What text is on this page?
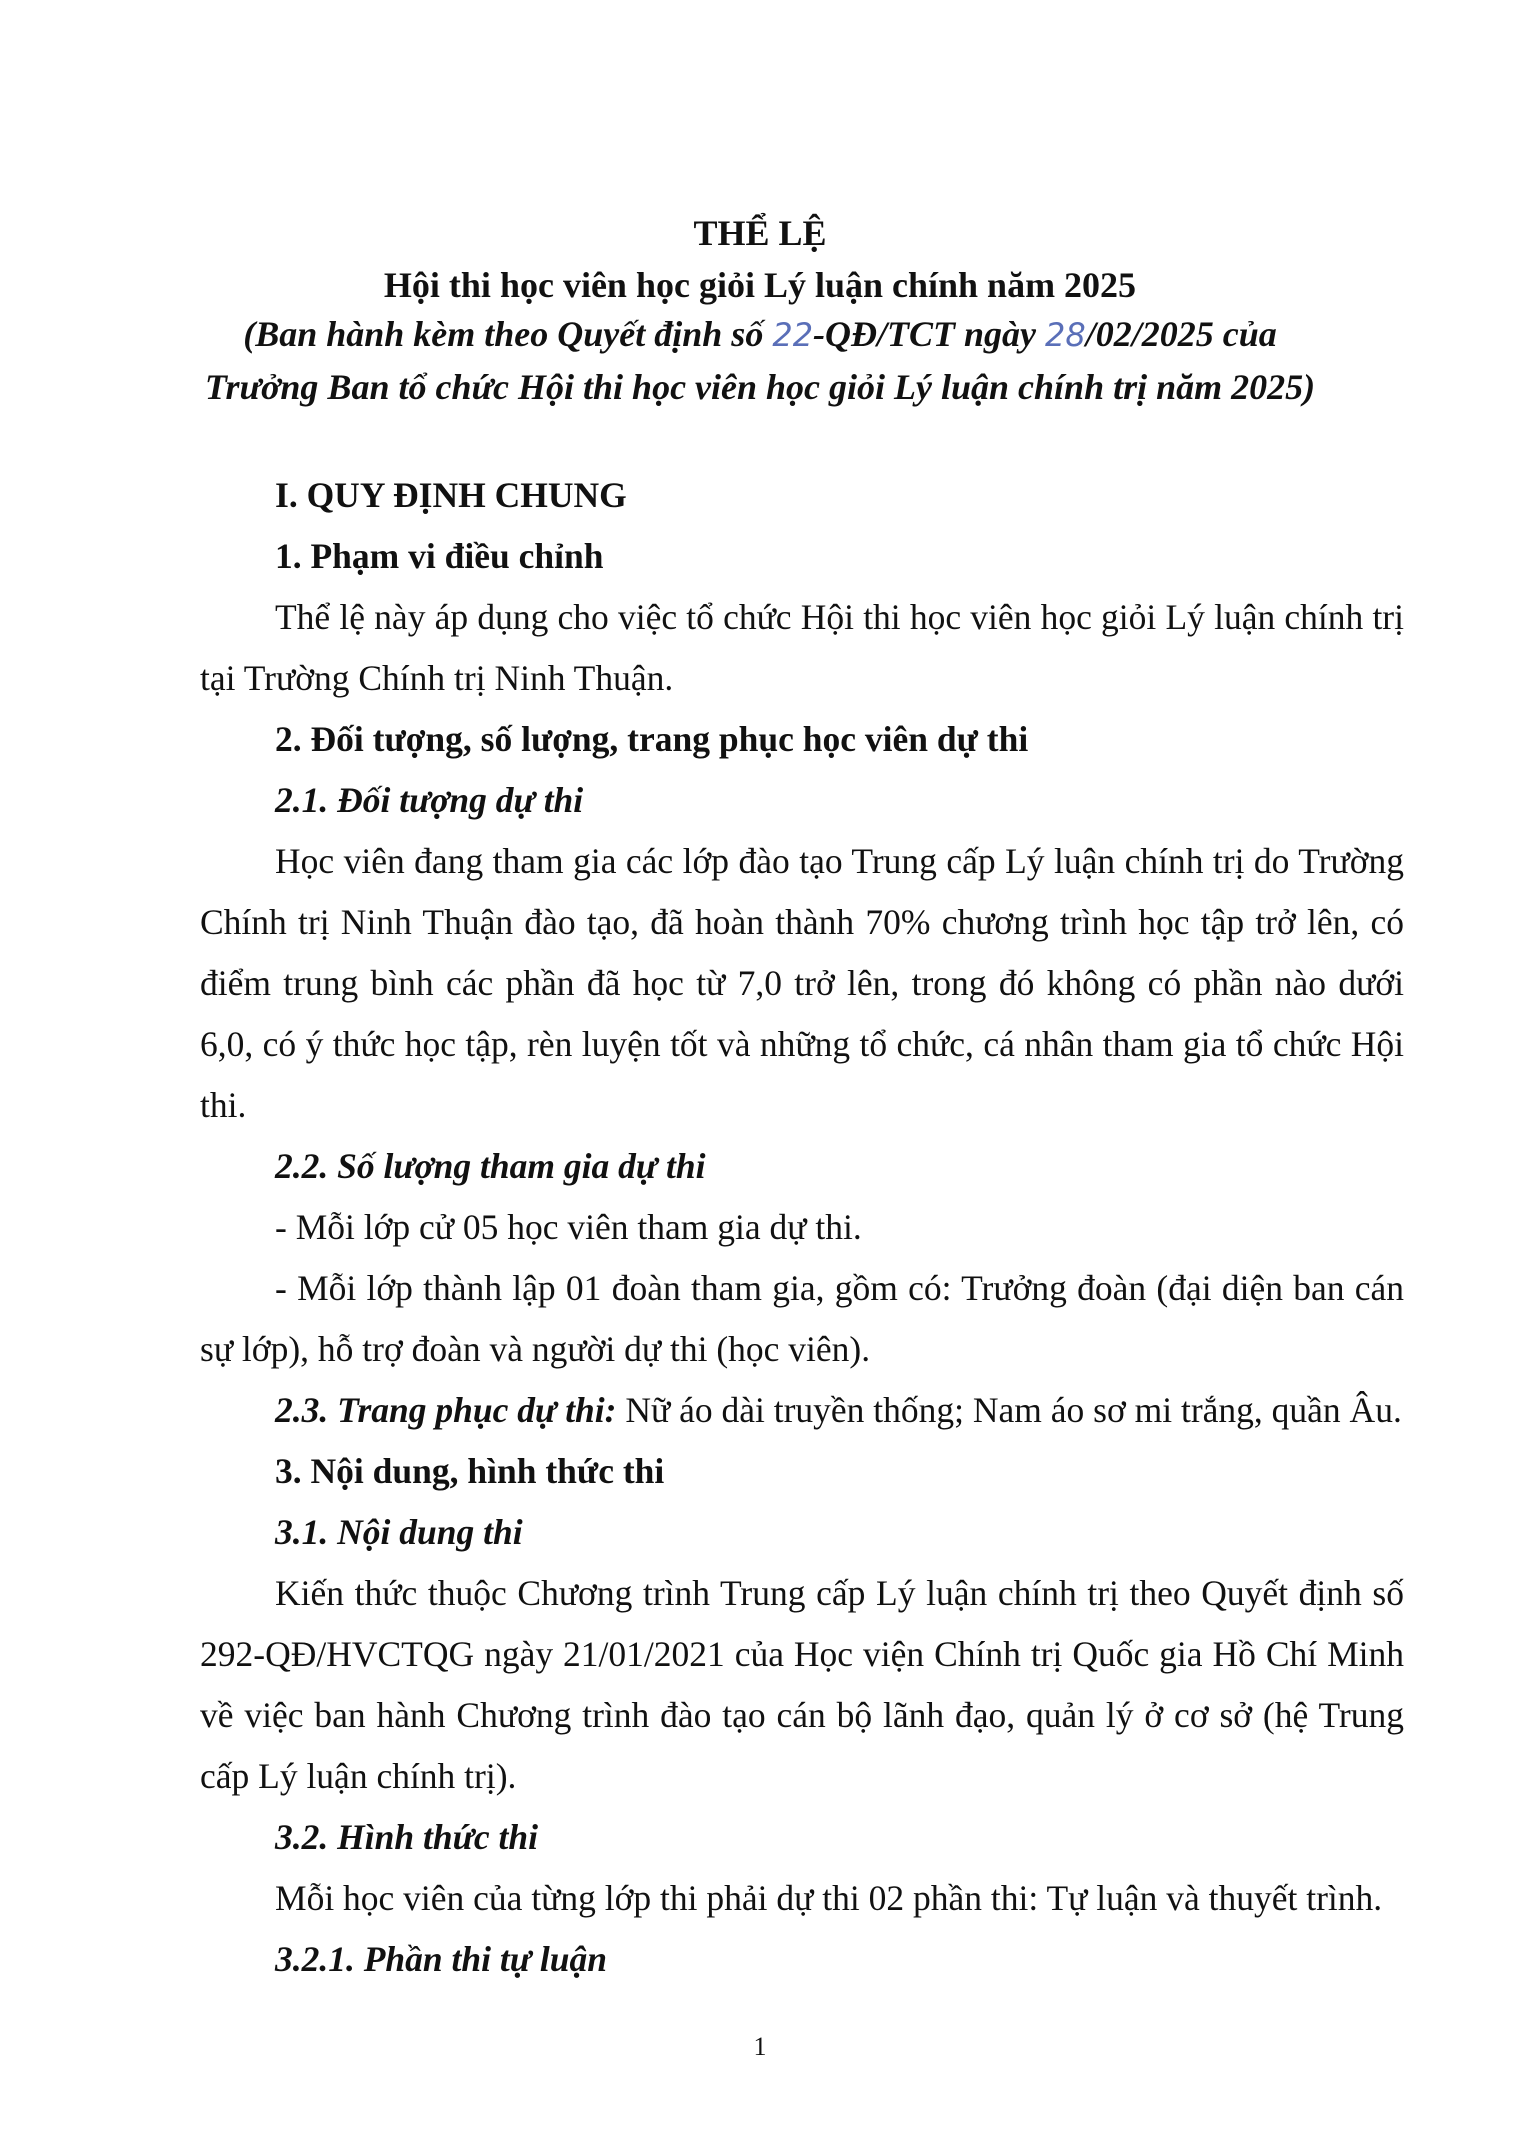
THỂ LỆ
Hội thi học viên học giỏi Lý luận chính năm 2025
(Ban hành kèm theo Quyết định số 22-QĐ/TCT ngày 28/02/2025 của
Trưởng Ban tổ chức Hội thi học viên học giỏi Lý luận chính trị năm 2025)

I. QUY ĐỊNH CHUNG

1. Phạm vi điều chỉnh

Thể lệ này áp dụng cho việc tổ chức Hội thi học viên học giỏi Lý luận chính trị tại Trường Chính trị Ninh Thuận.

2. Đối tượng, số lượng, trang phục học viên dự thi

2.1. Đối tượng dự thi

Học viên đang tham gia các lớp đào tạo Trung cấp Lý luận chính trị do Trường Chính trị Ninh Thuận đào tạo, đã hoàn thành 70% chương trình học tập trở lên, có điểm trung bình các phần đã học từ 7,0 trở lên, trong đó không có phần nào dưới 6,0, có ý thức học tập, rèn luyện tốt và những tổ chức, cá nhân tham gia tổ chức Hội thi.

2.2. Số lượng tham gia dự thi

- Mỗi lớp cử 05 học viên tham gia dự thi.

- Mỗi lớp thành lập 01 đoàn tham gia, gồm có: Trưởng đoàn (đại diện ban cán sự lớp), hỗ trợ đoàn và người dự thi (học viên).

2.3. Trang phục dự thi: Nữ áo dài truyền thống; Nam áo sơ mi trắng, quần Âu.

3. Nội dung, hình thức thi

3.1. Nội dung thi

Kiến thức thuộc Chương trình Trung cấp Lý luận chính trị theo Quyết định số 292-QĐ/HVCTQG ngày 21/01/2021 của Học viện Chính trị Quốc gia Hồ Chí Minh về việc ban hành Chương trình đào tạo cán bộ lãnh đạo, quản lý ở cơ sở (hệ Trung cấp Lý luận chính trị).

3.2. Hình thức thi

Mỗi học viên của từng lớp thi phải dự thi 02 phần thi: Tự luận và thuyết trình.

3.2.1. Phần thi tự luận

1
